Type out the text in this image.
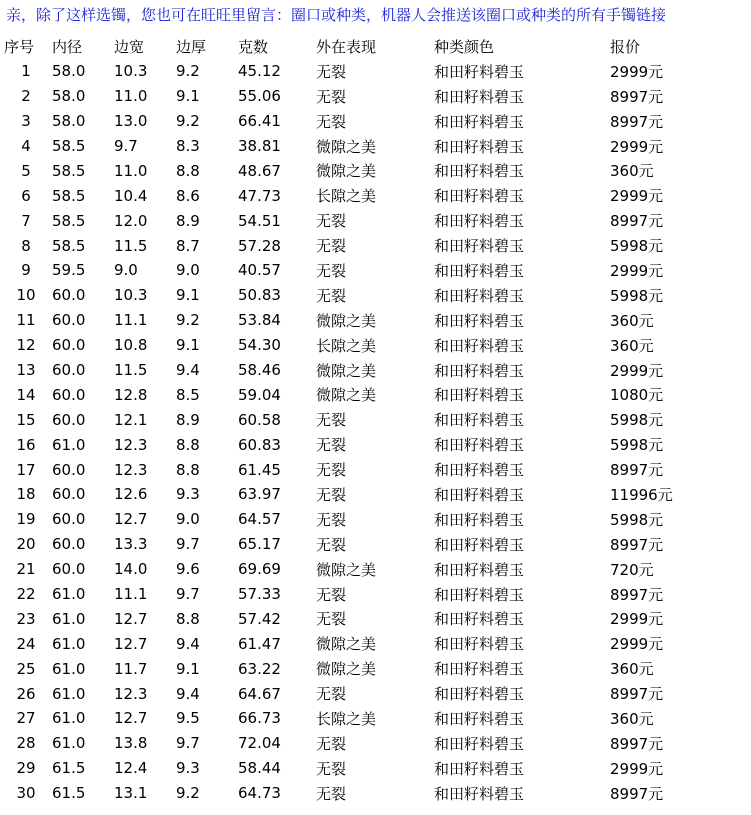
亲，除了这样选镯，您也可在旺旺里留言：圈口或种类，机器人会推送该圈口或种类的所有手镯链接
序号	内径	边宽	边厚	克数	外在表现	种类颜色	报价
1	58.0	10.3	9.2	45.12	无裂	和田籽料碧玉	2999元
2	58.0	11.0	9.1	55.06	无裂	和田籽料碧玉	8997元
3	58.0	13.0	9.2	66.41	无裂	和田籽料碧玉	8997元
4	58.5	9.7	8.3	38.81	微隙之美	和田籽料碧玉	2999元
5	58.5	11.0	8.8	48.67	微隙之美	和田籽料碧玉	360元
6	58.5	10.4	8.6	47.73	长隙之美	和田籽料碧玉	2999元
7	58.5	12.0	8.9	54.51	无裂	和田籽料碧玉	8997元
8	58.5	11.5	8.7	57.28	无裂	和田籽料碧玉	5998元
9	59.5	9.0	9.0	40.57	无裂	和田籽料碧玉	2999元
10	60.0	10.3	9.1	50.83	无裂	和田籽料碧玉	5998元
11	60.0	11.1	9.2	53.84	微隙之美	和田籽料碧玉	360元
12	60.0	10.8	9.1	54.30	长隙之美	和田籽料碧玉	360元
13	60.0	11.5	9.4	58.46	微隙之美	和田籽料碧玉	2999元
14	60.0	12.8	8.5	59.04	微隙之美	和田籽料碧玉	1080元
15	60.0	12.1	8.9	60.58	无裂	和田籽料碧玉	5998元
16	61.0	12.3	8.8	60.83	无裂	和田籽料碧玉	5998元
17	60.0	12.3	8.8	61.45	无裂	和田籽料碧玉	8997元
18	60.0	12.6	9.3	63.97	无裂	和田籽料碧玉	11996元
19	60.0	12.7	9.0	64.57	无裂	和田籽料碧玉	5998元
20	60.0	13.3	9.7	65.17	无裂	和田籽料碧玉	8997元
21	60.0	14.0	9.6	69.69	微隙之美	和田籽料碧玉	720元
22	61.0	11.1	9.7	57.33	无裂	和田籽料碧玉	8997元
23	61.0	12.7	8.8	57.42	无裂	和田籽料碧玉	2999元
24	61.0	12.7	9.4	61.47	微隙之美	和田籽料碧玉	2999元
25	61.0	11.7	9.1	63.22	微隙之美	和田籽料碧玉	360元
26	61.0	12.3	9.4	64.67	无裂	和田籽料碧玉	8997元
27	61.0	12.7	9.5	66.73	长隙之美	和田籽料碧玉	360元
28	61.0	13.8	9.7	72.04	无裂	和田籽料碧玉	8997元
29	61.5	12.4	9.3	58.44	无裂	和田籽料碧玉	2999元
30	61.5	13.1	9.2	64.73	无裂	和田籽料碧玉	8997元
